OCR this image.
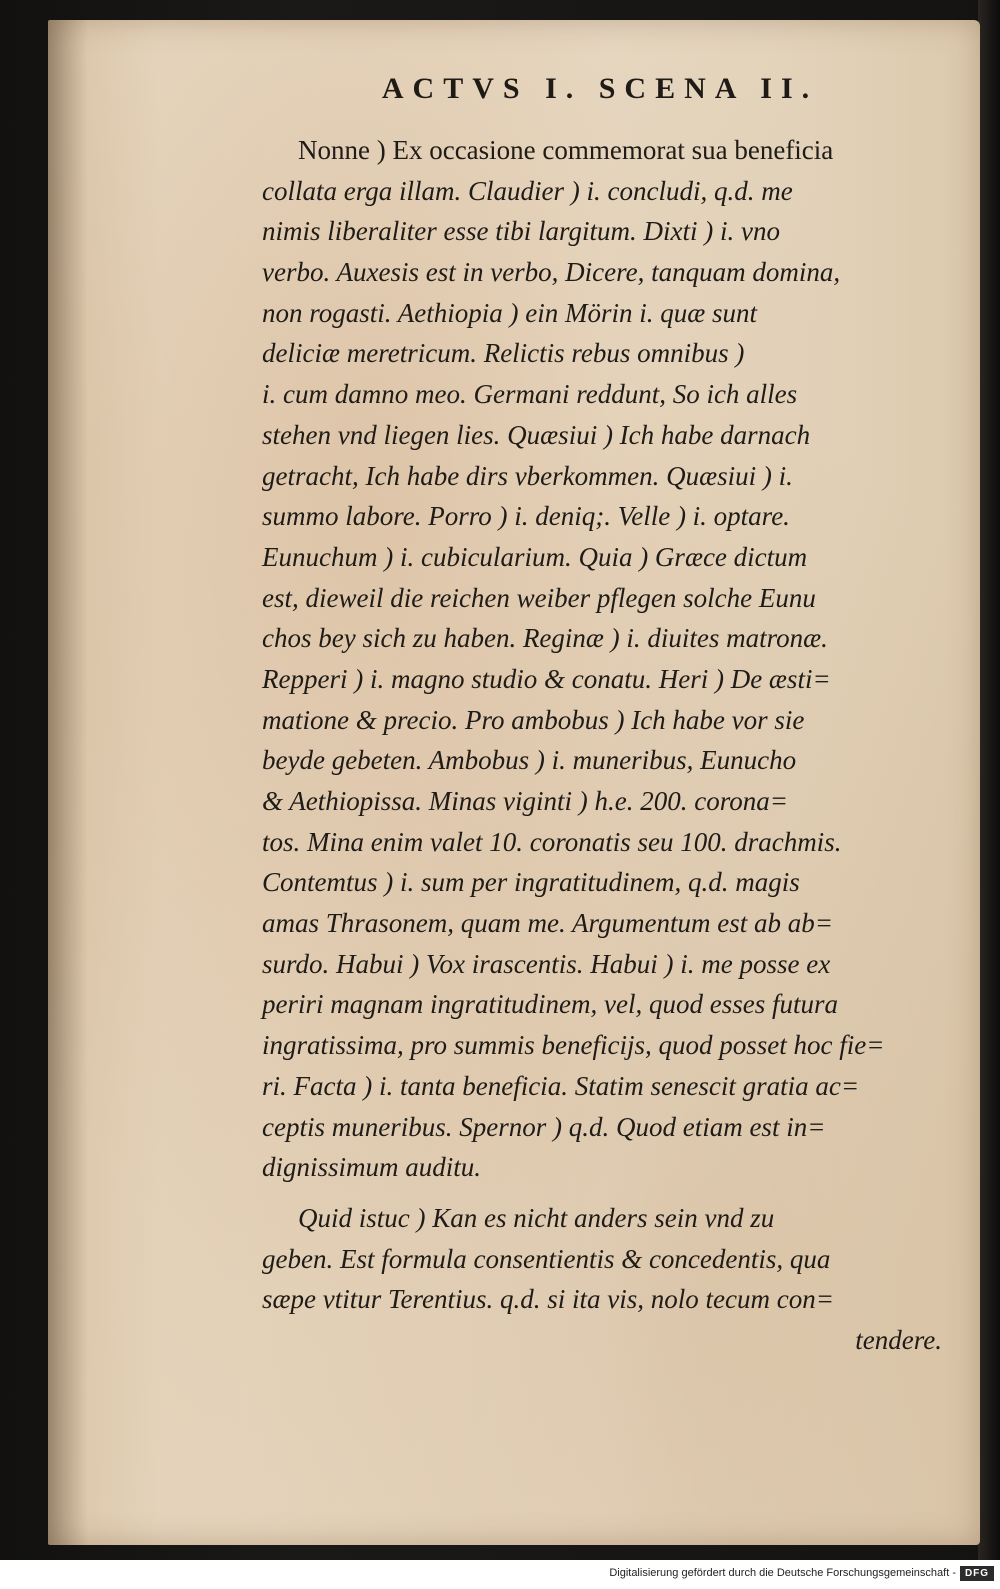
ACTVS I. SCENA II.
Nonne ) Ex occasione commemorat sua beneficia
collata erga illam. Claudier ) i. concludi, q.d. me
nimis liberaliter esse tibi largitum. Dixti ) i. vno
verbo. Auxesis est in verbo, Dicere, tanquam domina,
non rogasti. Aethiopia ) ein Mörin i. quæ sunt
deliciæ meretricum. Relictis rebus omnibus )
i. cum damno meo. Germani reddunt, So ich alles
stehen vnd liegen lies. Quæsiui ) Ich habe darnach
getracht, Ich habe dirs vberkommen. Quæsiui ) i.
summo labore. Porro ) i. deniq;. Velle ) i. optare.
Eunuchum ) i. cubicularium. Quia ) Græce dictum
est, dieweil die reichen weiber pflegen solche Eunu
chos bey sich zu haben. Reginæ ) i. diuites matronæ.
Repperi ) i. magno studio & conatu. Heri ) De æsti=
matione & precio. Pro ambobus ) Ich habe vor sie
beyde gebeten. Ambobus ) i. muneribus, Eunucho
& Aethiopissa. Minas viginti ) h.e. 200. corona=
tos. Mina enim valet 10. coronatis seu 100. drachmis.
Contemtus ) i. sum per ingratitudinem, q.d. magis
amas Thrasonem, quam me. Argumentum est ab ab=
surdo. Habui ) Vox irascentis. Habui ) i. me posse ex
periri magnam ingratitudinem, vel, quod esses futura
ingratissima, pro summis beneficijs, quod posset hoc fie=
ri. Facta ) i. tanta beneficia. Statim senescit gratia ac=
ceptis muneribus. Spernor ) q.d. Quod etiam est in=
dignissimum auditu.
Quid istuc ) Kan es nicht anders sein vnd zu
geben. Est formula consentientis & concedentis, qua
sæpe vtitur Terentius. q.d. si ita vis, nolo tecum con=
tendere.
Digitalisierung gefördert durch die Deutsche Forschungsgemeinschaft - DFG
